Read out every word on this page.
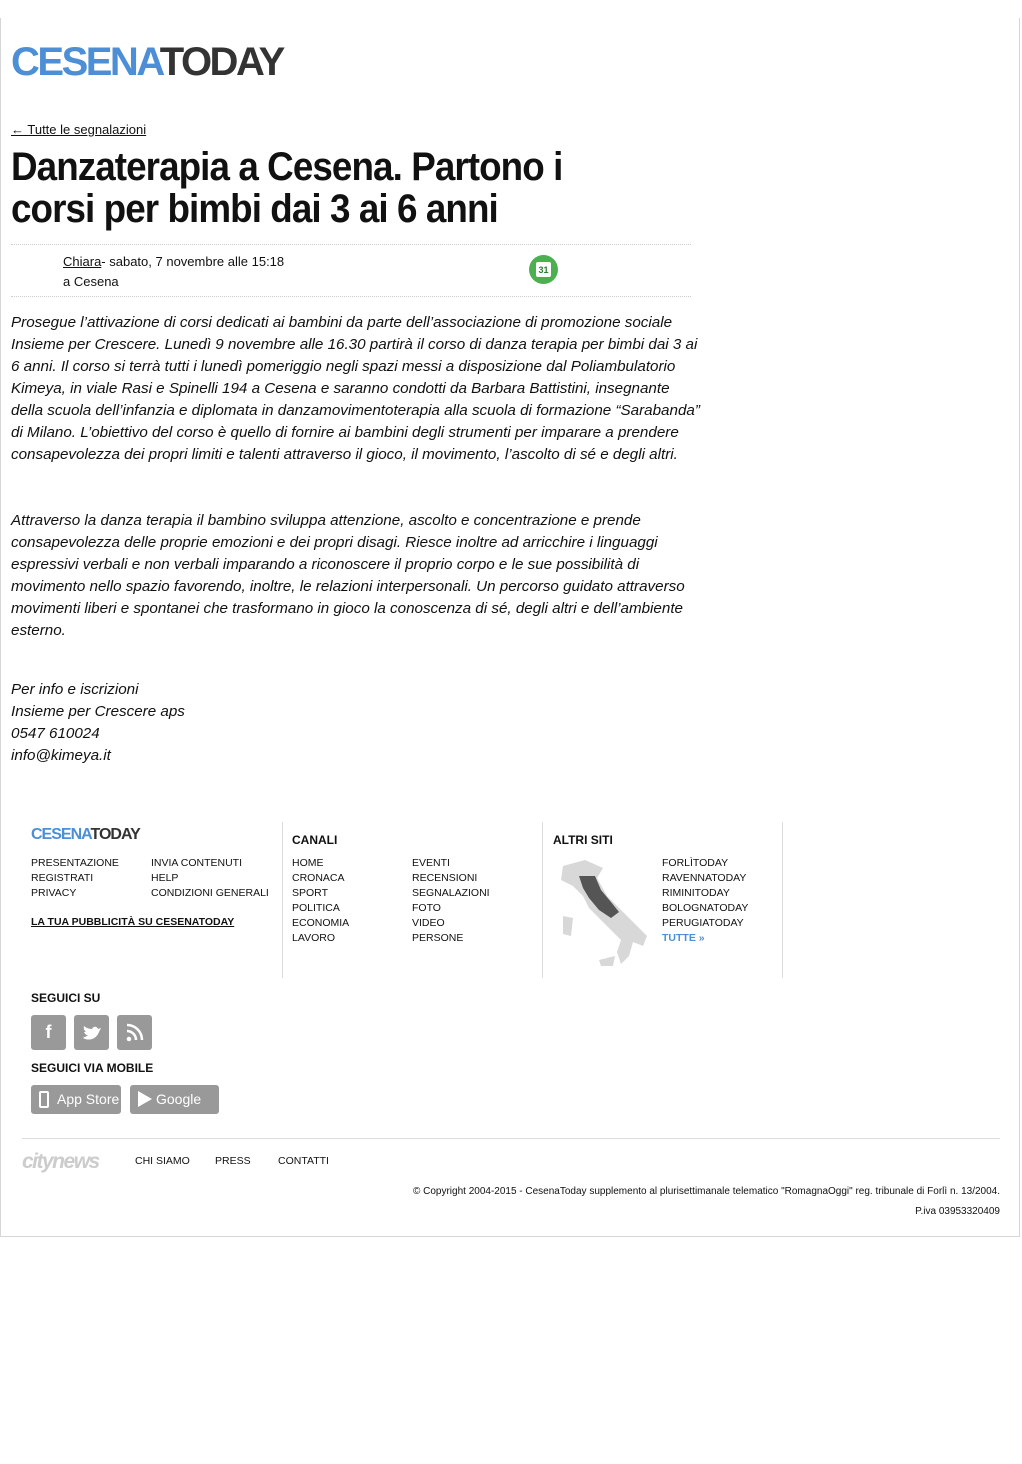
CESENATODAY
← Tutte le segnalazioni
Danzaterapia a Cesena. Partono i corsi per bimbi dai 3 ai 6 anni
Chiara- sabato, 7 novembre alle 15:18
a Cesena
31

Prosegue l’attivazione di corsi dedicati ai bambini da parte dell’associazione di promozione sociale Insieme per Crescere. Lunedì 9 novembre alle 16.30 partirà il corso di danza terapia per bimbi dai 3 ai 6 anni. Il corso si terrà tutti i lunedì pomeriggio negli spazi messi a disposizione dal Poliambulatorio Kimeya, in viale Rasi e Spinelli 194 a Cesena e saranno condotti da Barbara Battistini, insegnante della scuola dell’infanzia e diplomata in danzamovimentoterapia alla scuola di formazione “Sarabanda” di Milano. L’obiettivo del corso è quello di fornire ai bambini degli strumenti per imparare a prendere consapevolezza dei propri limiti e talenti attraverso il gioco, il movimento, l’ascolto di sé e degli altri.

Attraverso la danza terapia il bambino sviluppa attenzione, ascolto e concentrazione e prende consapevolezza delle proprie emozioni e dei propri disagi. Riesce inoltre ad arricchire i linguaggi espressivi verbali e non verbali imparando a riconoscere il proprio corpo e le sue possibilità di movimento nello spazio favorendo, inoltre, le relazioni interpersonali. Un percorso guidato attraverso movimenti liberi e spontanei che trasformano in gioco la conoscenza di sé, degli altri e dell’ambiente esterno.

Per info e iscrizioni
Insieme per Crescere aps
0547 610024
info@kimeya.it
CESENATODAY
PRESENTAZIONE
REGISTRATI
PRIVACY
INVIA CONTENUTI
HELP
CONDIZIONI GENERALI
LA TUA PUBBLICITÀ SU CESENATODAY
CANALI
HOME
CRONACA
SPORT
POLITICA
ECONOMIA
LAVORO
EVENTI
RECENSIONI
SEGNALAZIONI
FOTO
VIDEO
PERSONE
ALTRI SITI
FORLÌTODAY
RAVENNATODAY
RIMINITODAY
BOLOGNATODAY
PERUGIATODAY
TUTTE »
SEGUICI SU
f
SEGUICI VIA MOBILE
App Store	Google play
citynews	CHI SIAMO PRESS	CONTATTI
© Copyright 2004-2015 - CesenaToday supplemento al plurisettimanale telematico "RomagnaOggi" reg. tribunale di Forlì n. 13/2004.
P.iva 03953320409
